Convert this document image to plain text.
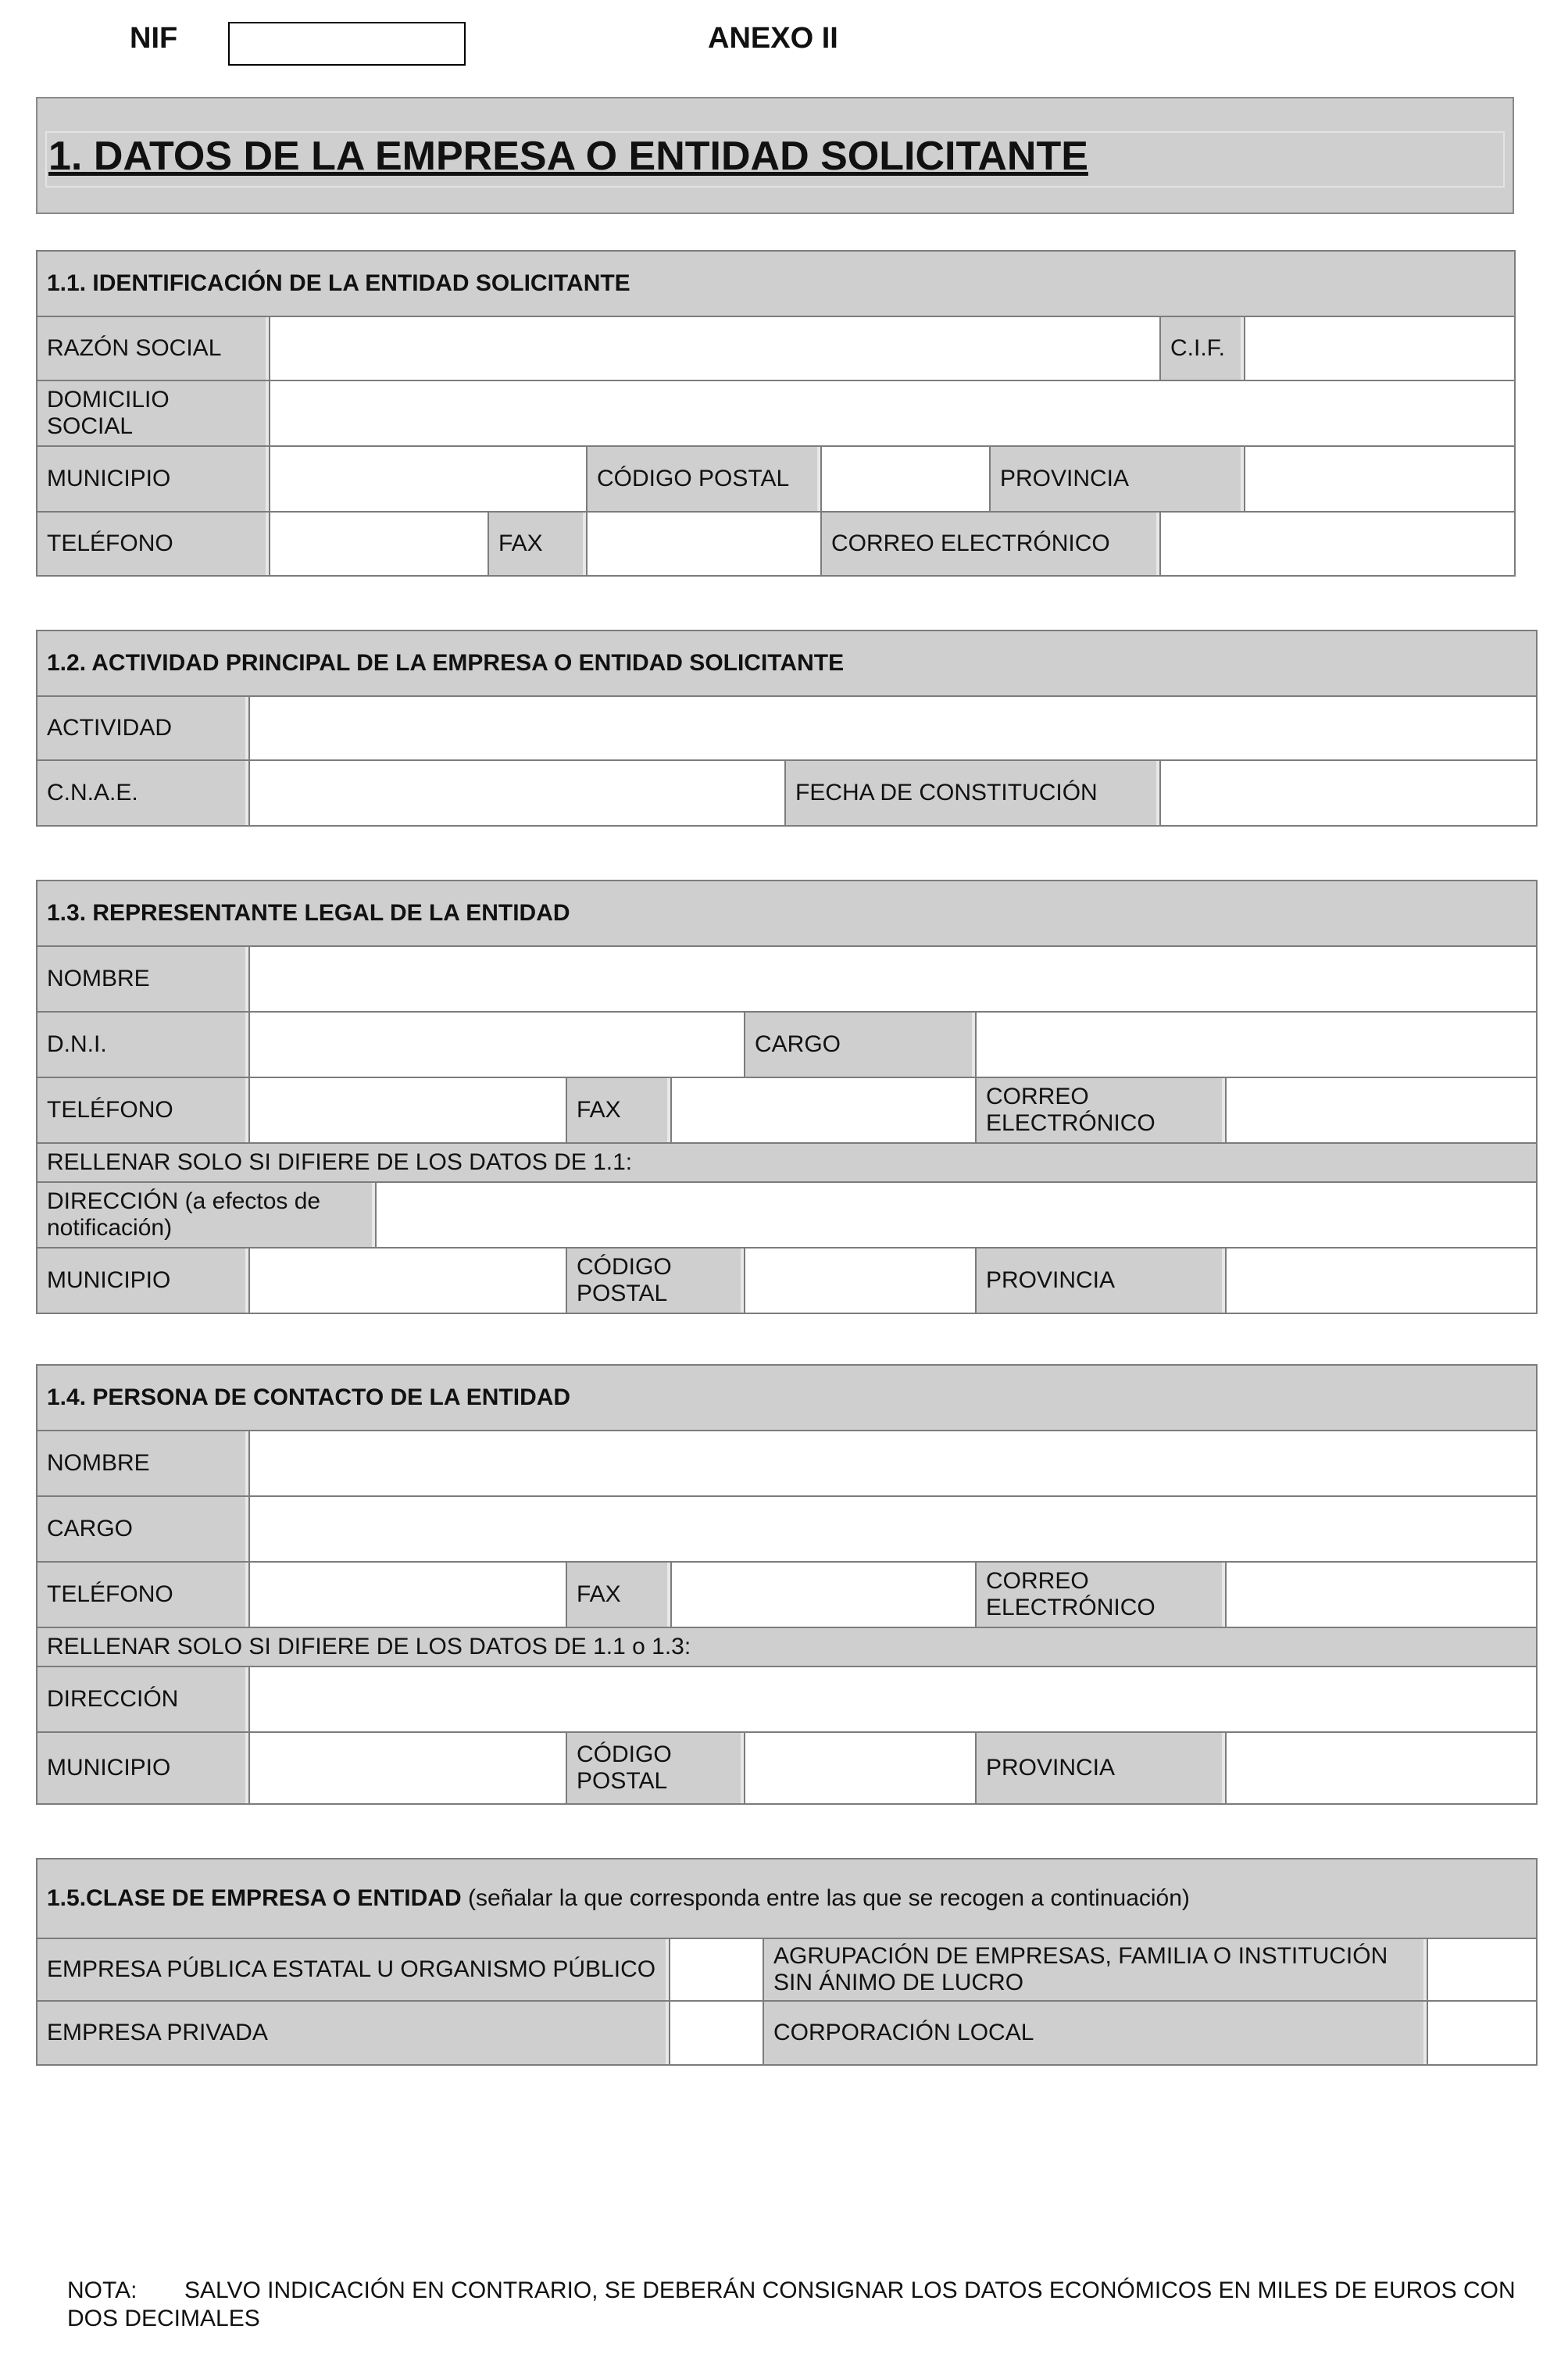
NIF	ANEXO II
1. DATOS DE LA EMPRESA O ENTIDAD SOLICITANTE
1.1. IDENTIFICACIÓN DE LA ENTIDAD SOLICITANTE							
RAZÓN SOCIAL						C.I.F.	
DOMICILIO SOCIAL							
MUNICIPIO			CÓDIGO POSTAL		PROVINCIA		
TELÉFONO		FAX		CORREO ELECTRÓNICO			
1.2. ACTIVIDAD PRINCIPAL DE LA EMPRESA O ENTIDAD SOLICITANTE			
ACTIVIDAD			
C.N.A.E.		FECHA DE CONSTITUCIÓN	
1.3. REPRESENTANTE LEGAL DE LA ENTIDAD							
NOMBRE							
D.N.I.					CARGO		
TELÉFONO			FAX			CORREO ELECTRÓNICO	
RELLENAR SOLO SI DIFIERE DE LOS DATOS DE 1.1:							
DIRECCIÓN (a efectos de notificación)							
MUNICIPIO			CÓDIGO POSTAL			PROVINCIA	
1.4. PERSONA DE CONTACTO DE LA ENTIDAD						
NOMBRE						
CARGO						
TELÉFONO		FAX			CORREO ELECTRÓNICO	
RELLENAR SOLO SI DIFIERE DE LOS DATOS DE 1.1 o 1.3:						
DIRECCIÓN						
MUNICIPIO		CÓDIGO POSTAL			PROVINCIA	
1.5.CLASE DE EMPRESA O ENTIDAD (señalar la que corresponda entre las que se recogen a continuación)			
EMPRESA PÚBLICA ESTATAL U ORGANISMO PÚBLICO		AGRUPACIÓN DE EMPRESAS, FAMILIA O INSTITUCIÓN SIN ÁNIMO DE LUCRO	
EMPRESA PRIVADA		CORPORACIÓN LOCAL	
NOTA: SALVO INDICACIÓN EN CONTRARIO, SE DEBERÁN CONSIGNAR LOS DATOS ECONÓMICOS EN MILES DE EUROS CON DOS DECIMALES
